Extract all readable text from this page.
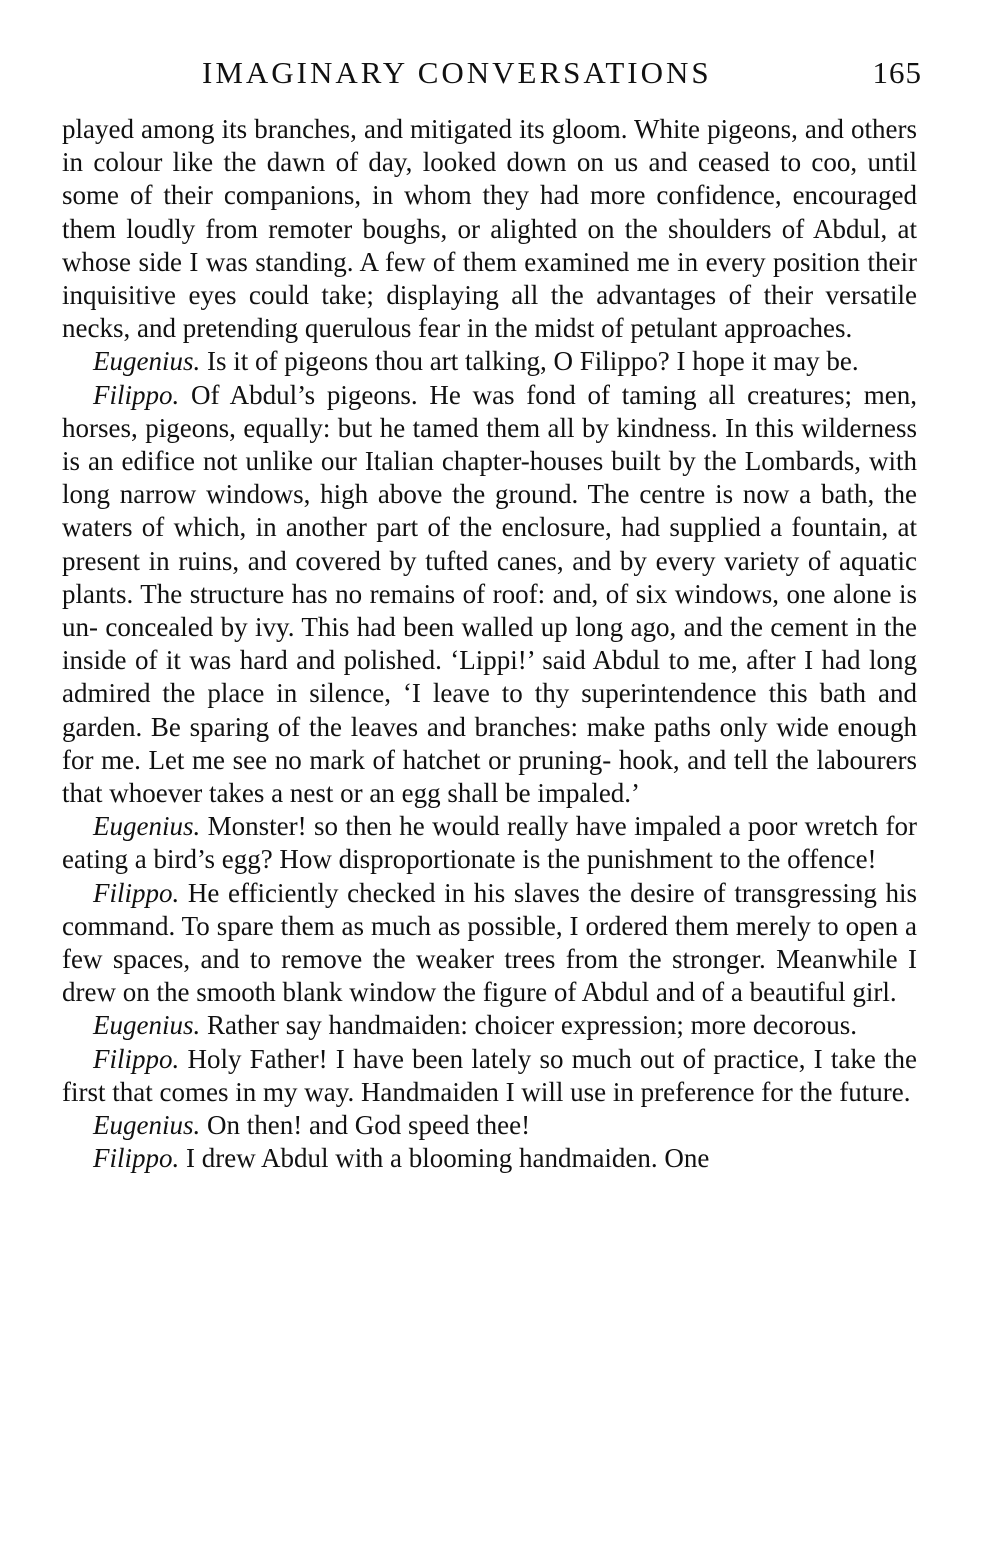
IMAGINARY CONVERSATIONS	165

played among its branches, and mitigated its gloom. White pigeons, and others in colour like the dawn of day, looked down on us and ceased to coo, until some of their companions, in whom they had more confidence, encouraged them loudly from remoter boughs, or alighted on the shoulders of Abdul, at whose side I was standing. A few of them examined me in every position their inquisitive eyes could take; displaying all the advantages of their versatile necks, and pretending querulous fear in the midst of petulant approaches.

Eugenius. Is it of pigeons thou art talking, O Filippo? I hope it may be.

Filippo. Of Abdul’s pigeons. He was fond of taming all creatures; men, horses, pigeons, equally: but he tamed them all by kindness. In this wilderness is an edifice not unlike our Italian chapter-houses built by the Lombards, with long narrow windows, high above the ground. The centre is now a bath, the waters of which, in another part of the enclosure, had supplied a fountain, at present in ruins, and covered by tufted canes, and by every variety of aquatic plants. The structure has no remains of roof: and, of six windows, one alone is un- concealed by ivy. This had been walled up long ago, and the cement in the inside of it was hard and polished. ‘Lippi!’ said Abdul to me, after I had long admired the place in silence, ‘I leave to thy superintendence this bath and garden. Be sparing of the leaves and branches: make paths only wide enough for me. Let me see no mark of hatchet or pruning- hook, and tell the labourers that whoever takes a nest or an egg shall be impaled.’

Eugenius. Monster! so then he would really have impaled a poor wretch for eating a bird’s egg? How disproportionate is the punishment to the offence!

Filippo. He efficiently checked in his slaves the desire of transgressing his command. To spare them as much as possible, I ordered them merely to open a few spaces, and to remove the weaker trees from the stronger. Meanwhile I drew on the smooth blank window the figure of Abdul and of a beautiful girl.

Eugenius. Rather say handmaiden: choicer expression; more decorous.

Filippo. Holy Father! I have been lately so much out of practice, I take the first that comes in my way. Handmaiden I will use in preference for the future.

Eugenius. On then! and God speed thee!

Filippo. I drew Abdul with a blooming handmaiden. One
